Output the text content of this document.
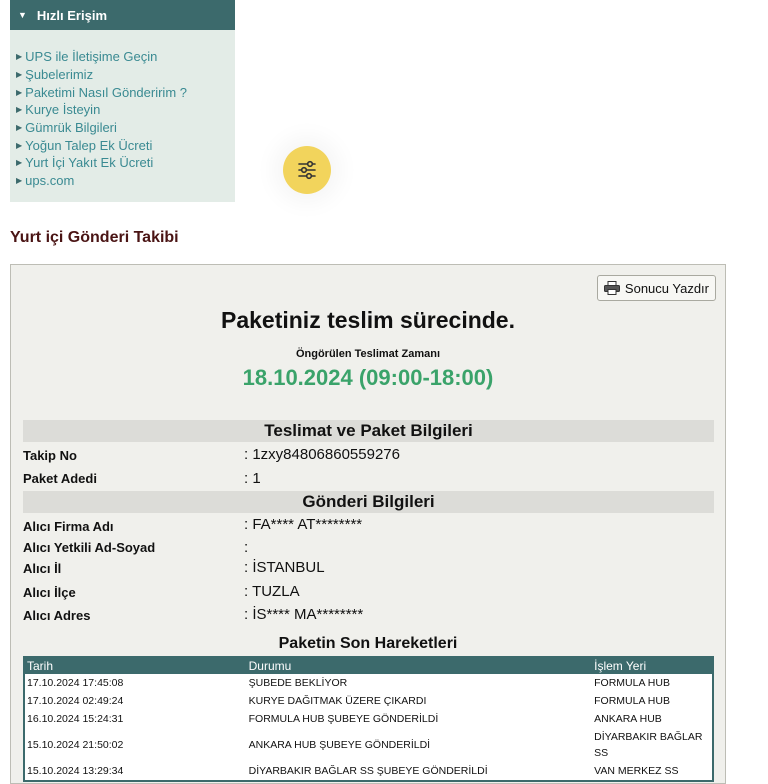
▼ Hızlı Erişim
▶ UPS ile İletişime Geçin
▶ Şubelerimiz
▶ Paketimi Nasıl Gönderirim ?
▶ Kurye İsteyin
▶ Gümrük Bilgileri
▶ Yoğun Talep Ek Ücreti
▶ Yurt İçi Yakıt Ek Ücreti
▶ ups.com
Yurt içi Gönderi Takibi
Sonucu Yazdır
Paketiniz teslim sürecinde.
Öngörülen Teslimat Zamanı
18.10.2024 (09:00-18:00)
Teslimat ve Paket Bilgileri
Takip No	: 1zxy84806860559276
Paket Adedi	: 1
Gönderi Bilgileri
Alıcı Firma Adı	: FA**** AT********
Alıcı Yetkili Ad-Soyad	:
Alıcı İl	: İSTANBUL
Alıcı İlçe	: TUZLA
Alıcı Adres	: İS**** MA********
Paketin Son Hareketleri
Tarih	Durumu	İşlem Yeri
17.10.2024 17:45:08	ŞUBEDE BEKLİYOR	FORMULA HUB
17.10.2024 02:49:24	KURYE DAĞITMAK ÜZERE ÇIKARDI	FORMULA HUB
16.10.2024 15:24:31	FORMULA HUB ŞUBEYE GÖNDERİLDİ	ANKARA HUB
15.10.2024 21:50:02	ANKARA HUB ŞUBEYE GÖNDERİLDİ	DİYARBAKIR BAĞLAR SS
15.10.2024 13:29:34	DİYARBAKIR BAĞLAR SS ŞUBEYE GÖNDERİLDİ	VAN MERKEZ SS
